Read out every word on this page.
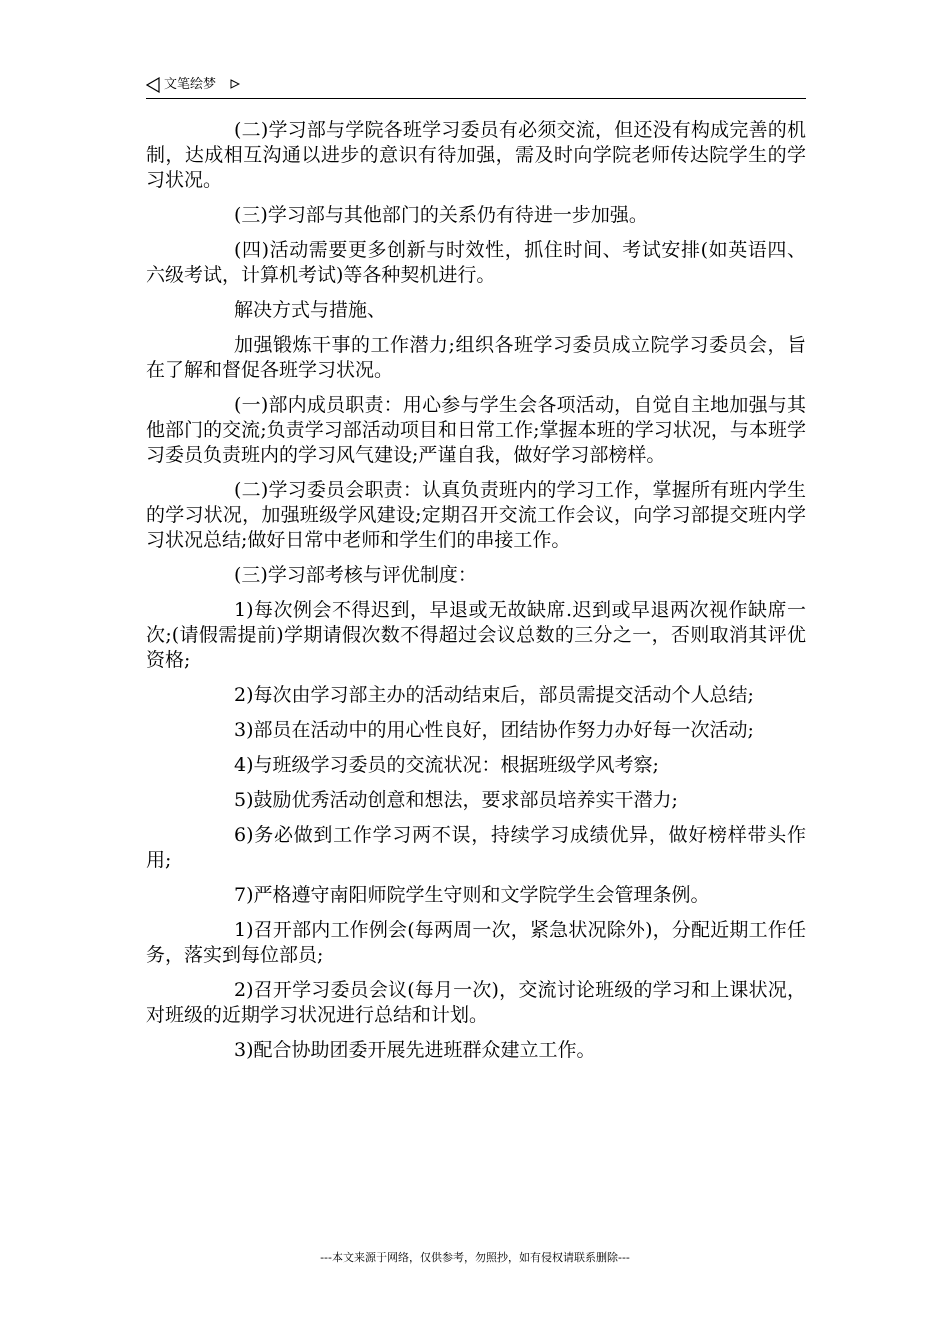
文笔绘梦

(二)学习部与学院各班学习委员有必须交流，但还没有构成完善的机制，达成相互沟通以进步的意识有待加强，需及时向学院老师传达院学生的学习状况。

(三)学习部与其他部门的关系仍有待进一步加强。

(四)活动需要更多创新与时效性，抓住时间、考试安排(如英语四、六级考试，计算机考试)等各种契机进行。

解决方式与措施、

加强锻炼干事的工作潜力;组织各班学习委员成立院学习委员会，旨在了解和督促各班学习状况。

(一)部内成员职责：用心参与学生会各项活动，自觉自主地加强与其他部门的交流;负责学习部活动项目和日常工作;掌握本班的学习状况，与本班学习委员负责班内的学习风气建设;严谨自我，做好学习部榜样。

(二)学习委员会职责：认真负责班内的学习工作，掌握所有班内学生的学习状况，加强班级学风建设;定期召开交流工作会议，向学习部提交班内学习状况总结;做好日常中老师和学生们的串接工作。

(三)学习部考核与评优制度：

1)每次例会不得迟到，早退或无故缺席.迟到或早退两次视作缺席一次;(请假需提前)学期请假次数不得超过会议总数的三分之一，否则取消其评优资格;

2)每次由学习部主办的活动结束后，部员需提交活动个人总结;

3)部员在活动中的用心性良好，团结协作努力办好每一次活动;

4)与班级学习委员的交流状况：根据班级学风考察;

5)鼓励优秀活动创意和想法，要求部员培养实干潜力;

6)务必做到工作学习两不误，持续学习成绩优异，做好榜样带头作用;

7)严格遵守南阳师院学生守则和文学院学生会管理条例。

1)召开部内工作例会(每两周一次，紧急状况除外)，分配近期工作任务，落实到每位部员;

2)召开学习委员会议(每月一次)，交流讨论班级的学习和上课状况，对班级的近期学习状况进行总结和计划。

3)配合协助团委开展先进班群众建立工作。

---本文来源于网络，仅供参考，勿照抄，如有侵权请联系删除---
